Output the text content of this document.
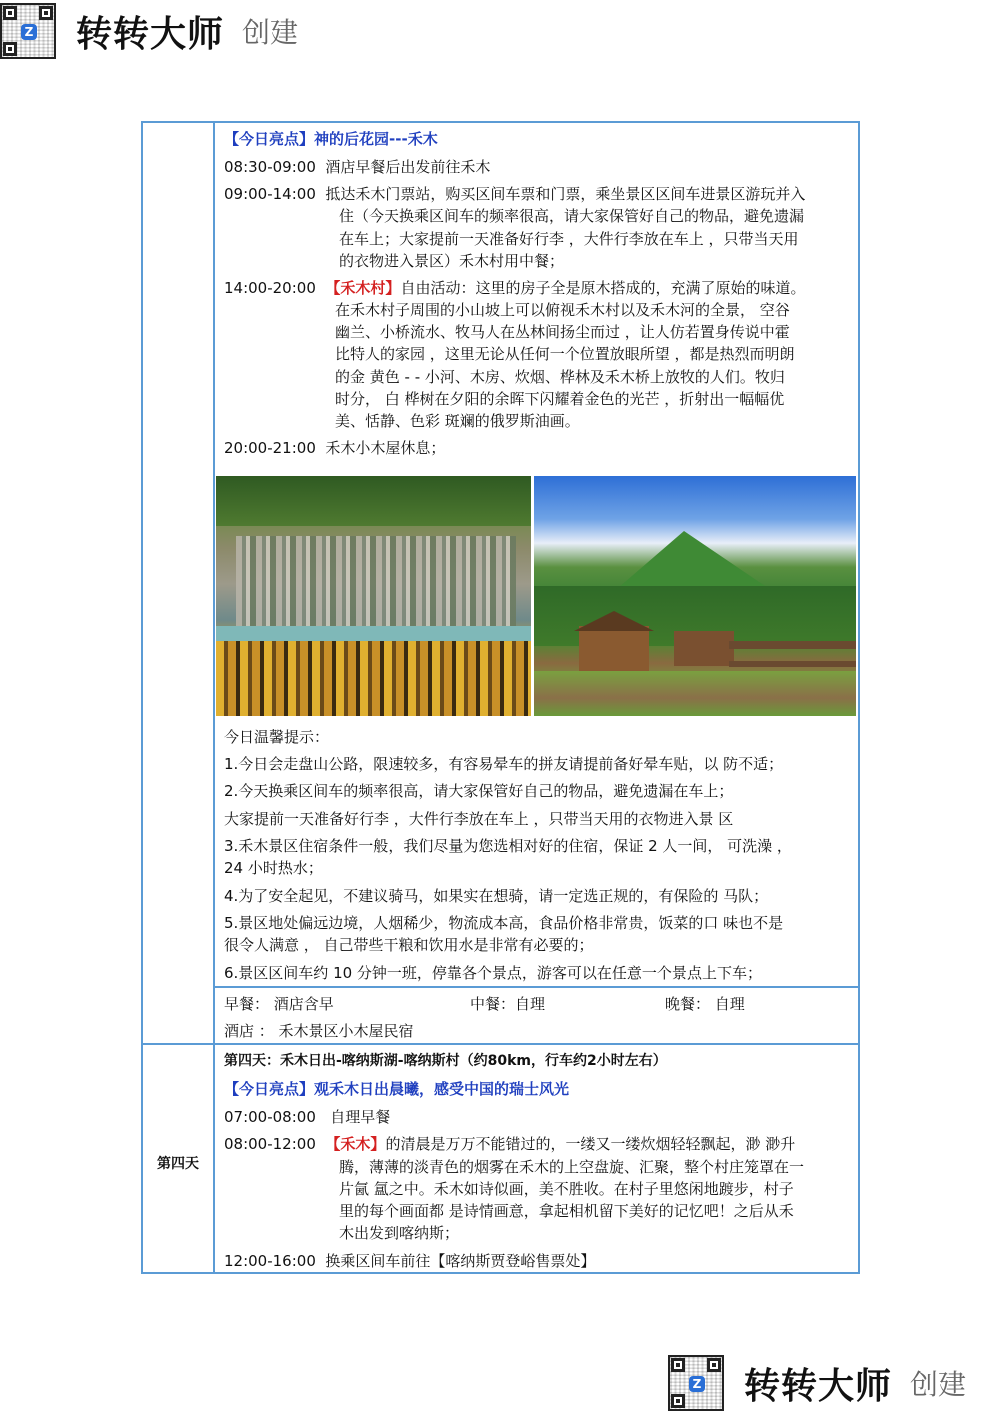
Z 转转大师 创建
第四天
【今日亮点】神的后花园---禾木
08:30-09:00 酒店早餐后出发前往禾木
09:00-14:00 抵达禾木门票站，购买区间车票和门票，乘坐景区区间车进景区游玩并入
住（今天换乘区间车的频率很高，请大家保管好自己的物品，避免遗漏
在车上；大家提前一天准备好行李 ，大件行李放在车上 ，只带当天用
的衣物进入景区）禾木村用中餐；
14:00-20:00 【禾木村】自由活动：这里的房子全是原木搭成的，充满了原始的味道。
在禾木村子周围的小山坡上可以俯视禾木村以及禾木河的全景， 空谷
幽兰、小桥流水、牧马人在丛林间扬尘而过 ，让人仿若置身传说中霍
比特人的家园 ，这里无论从任何一个位置放眼所望 ，都是热烈而明朗
的金 黄色 - - 小河、木房、炊烟、桦林及禾木桥上放牧的人们。牧归
时分， 白 桦树在夕阳的余晖下闪耀着金色的光芒 ，折射出一幅幅优
美、恬静、色彩 斑斓的俄罗斯油画。
20:00-21:00 禾木小木屋休息；
今日温馨提示：
1.今日会走盘山公路，限速较多，有容易晕车的拼友请提前备好晕车贴，以 防不适；
2.今天换乘区间车的频率很高，请大家保管好自己的物品，避免遗漏在车上；
大家提前一天准备好行李 ，大件行李放在车上 ，只带当天用的衣物进入景 区
3.禾木景区住宿条件一般，我们尽量为您选相对好的住宿，保证 2 人一间， 可洗澡 ，
24 小时热水；
4.为了安全起见，不建议骑马，如果实在想骑，请一定选正规的，有保险的 马队；
5.景区地处偏远边境，人烟稀少，物流成本高，食品价格非常贵，饭菜的口 味也不是
很令人满意 ， 自己带些干粮和饮用水是非常有必要的；
6.景区区间车约 10 分钟一班，停靠各个景点，游客可以在任意一个景点上下车；
早餐： 酒店含早	中餐：自理	晚餐： 自理
酒店 ： 禾木景区小木屋民宿
第四天：禾木日出-喀纳斯湖-喀纳斯村（约80km，行车约2小时左右）
【今日亮点】观禾木日出晨曦，感受中国的瑞士风光
07:00-08:00 自理早餐
08:00-12:00 【禾木】的清晨是万万不能错过的，一缕又一缕炊烟轻轻飘起，渺 渺升
腾，薄薄的淡青色的烟雾在禾木的上空盘旋、汇聚，整个村庄笼罩在一
片氤 氲之中。禾木如诗似画，美不胜收。在村子里悠闲地踱步，村子
里的每个画面都 是诗情画意，拿起相机留下美好的记忆吧！之后从禾
木出发到喀纳斯；
12:00-16:00 换乘区间车前往【喀纳斯贾登峪售票处】
Z 转转大师 创建
